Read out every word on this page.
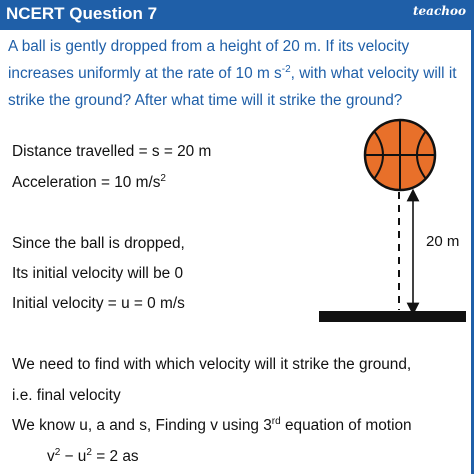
NCERT Question 7	teachoo
A ball is gently dropped from a height of 20 m. If its velocity increases uniformly at the rate of 10 m $s^{-2}$, with what velocity will it strike the ground? After what time will it strike the ground?
Distance travelled = s = 20 m
Acceleration = 10 $m/s^2$
Since the ball is dropped,
Its initial velocity will be 0
Initial velocity = u = 0 m/s
We need to find with which velocity will it strike the ground,
i.e. final velocity
We know u, a and s, Finding v using 3rd equation of motion
$v^2 - u^2 = 2$ as
20 m
